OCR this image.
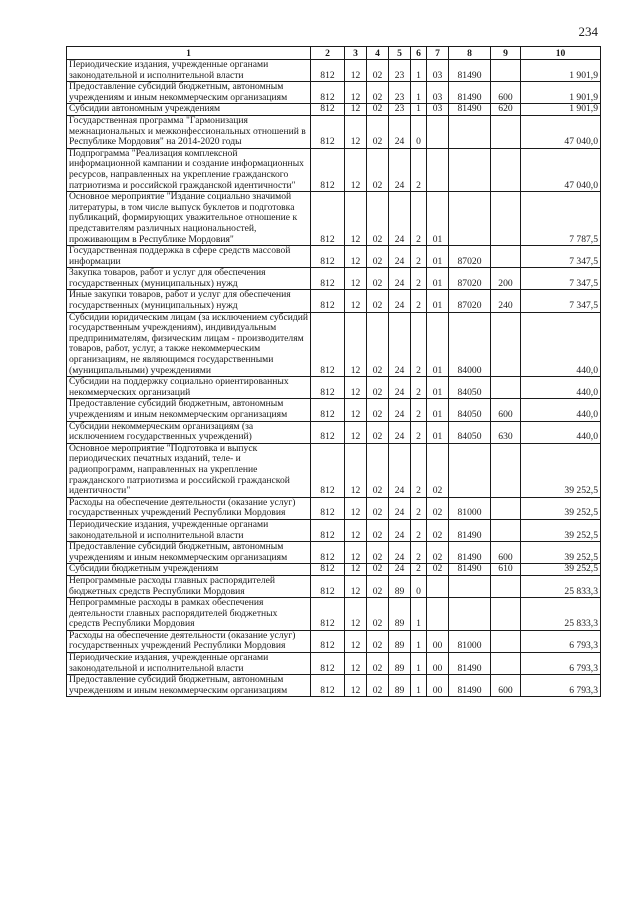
234
1	2	3	4	5	6	7	8	9	10
Периодические издания, учрежденные органами законодательной и исполнительной власти	812	12	02	23	1	03	81490		1 901,9
Предоставление субсидий бюджетным, автономным учреждениям и иным некоммерческим организациям	812	12	02	23	1	03	81490	600	1 901,9
Субсидии автономным учреждениям	812	12	02	23	1	03	81490	620	1 901,9
Государственная программа "Гармонизация межнациональных и межконфессиональных отношений в Республике Мордовия" на 2014-2020 годы	812	12	02	24	0				47 040,0
Подпрограмма "Реализация комплексной информационной кампании и создание информационных ресурсов, направленных на укрепление гражданского патриотизма и российской гражданской идентичности"	812	12	02	24	2				47 040,0
Основное мероприятие "Издание социально значимой литературы, в том числе выпуск буклетов и подготовка публикаций, формирующих уважительное отношение к представителям различных национальностей, проживающим в Республике Мордовия"	812	12	02	24	2	01			7 787,5
Государственная поддержка в сфере средств массовой информации	812	12	02	24	2	01	87020		7 347,5
Закупка товаров, работ и услуг для обеспечения государственных (муниципальных) нужд	812	12	02	24	2	01	87020	200	7 347,5
Иные закупки товаров, работ и услуг для обеспечения государственных (муниципальных) нужд	812	12	02	24	2	01	87020	240	7 347,5
Субсидии юридическим лицам (за исключением субсидий государственным учреждениям), индивидуальным предпринимателям, физическим лицам - производителям товаров, работ, услуг, а также некоммерческим организациям, не являющимся государственными (муниципальными) учреждениями	812	12	02	24	2	01	84000		440,0
Субсидии на поддержку социально ориентированных некоммерческих организаций	812	12	02	24	2	01	84050		440,0
Предоставление субсидий бюджетным, автономным учреждениям и иным некоммерческим организациям	812	12	02	24	2	01	84050	600	440,0
Субсидии некоммерческим организациям (за исключением государственных учреждений)	812	12	02	24	2	01	84050	630	440,0
Основное мероприятие "Подготовка и выпуск периодических печатных изданий, теле- и радиопрограмм, направленных на укрепление гражданского патриотизма и российской гражданской идентичности"	812	12	02	24	2	02			39 252,5
Расходы на обеспечение деятельности (оказание услуг) государственных учреждений Республики Мордовия	812	12	02	24	2	02	81000		39 252,5
Периодические издания, учрежденные органами законодательной и исполнительной власти	812	12	02	24	2	02	81490		39 252,5
Предоставление субсидий бюджетным, автономным учреждениям и иным некоммерческим организациям	812	12	02	24	2	02	81490	600	39 252,5
Субсидии бюджетным учреждениям	812	12	02	24	2	02	81490	610	39 252,5
Непрограммные расходы главных распорядителей бюджетных средств Республики Мордовия	812	12	02	89	0				25 833,3
Непрограммные расходы в рамках обеспечения деятельности главных распорядителей бюджетных средств Республики Мордовия	812	12	02	89	1				25 833,3
Расходы на обеспечение деятельности (оказание услуг) государственных учреждений Республики Мордовия	812	12	02	89	1	00	81000		6 793,3
Периодические издания, учрежденные органами законодательной и исполнительной власти	812	12	02	89	1	00	81490		6 793,3
Предоставление субсидий бюджетным, автономным учреждениям и иным некоммерческим организациям	812	12	02	89	1	00	81490	600	6 793,3
